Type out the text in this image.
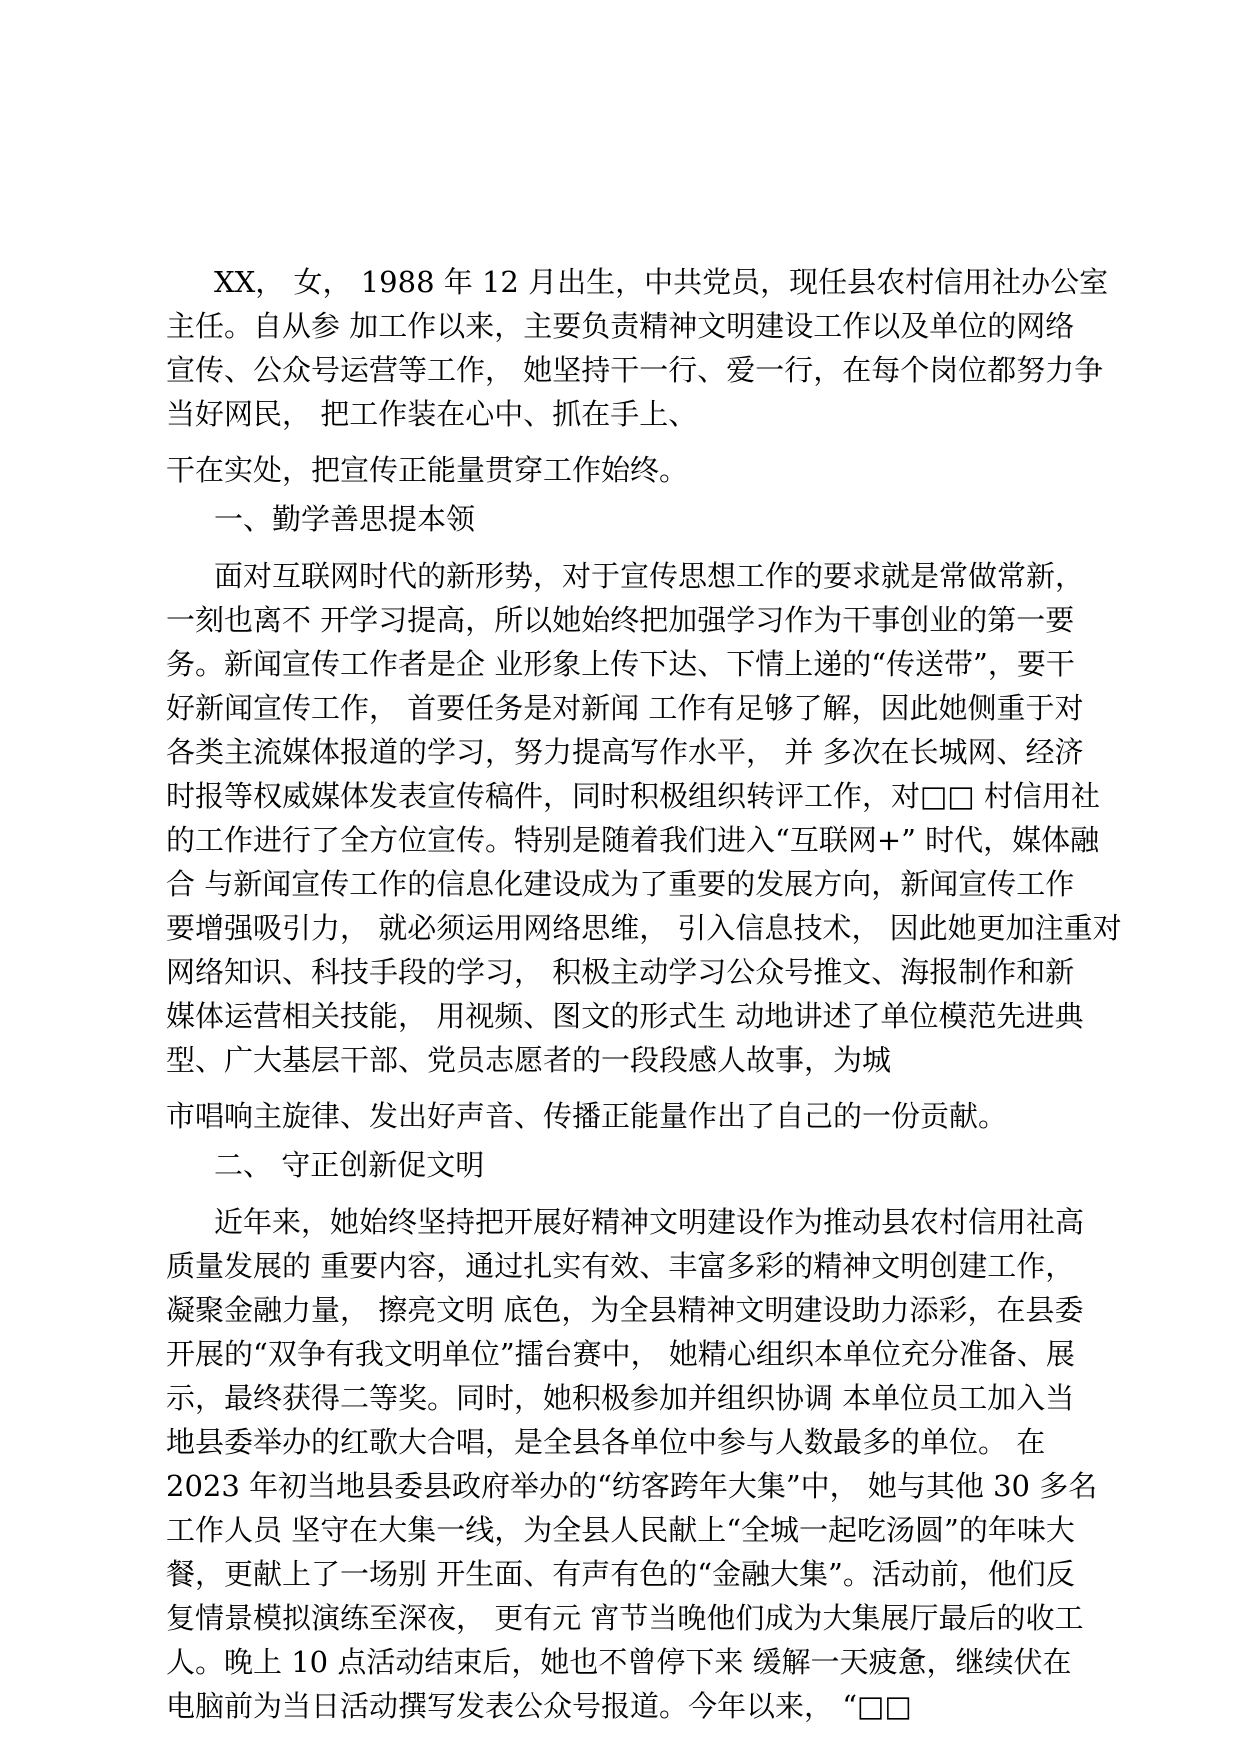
XX， 女， 1988 年 12 月出生，中共党员，现任县农村信用社办公室
主任。自从参 加工作以来，主要负责精神文明建设工作以及单位的网络
宣传、公众号运营等工作， 她坚持干一行、爱一行，在每个岗位都努力争
当好网民， 把工作装在心中、抓在手上、
干在实处，把宣传正能量贯穿工作始终。
一、勤学善思提本领
面对互联网时代的新形势，对于宣传思想工作的要求就是常做常新，
一刻也离不 开学习提高，所以她始终把加强学习作为干事创业的第一要
务。新闻宣传工作者是企 业形象上传下达、下情上递的“传送带”，要干
好新闻宣传工作， 首要任务是对新闻 工作有足够了解，因此她侧重于对
各类主流媒体报道的学习，努力提高写作水平， 并 多次在长城网、经济
时报等权威媒体发表宣传稿件，同时积极组织转评工作，对□□ 村信用社
的工作进行了全方位宣传。特别是随着我们进入“互联网+” 时代，媒体融
合 与新闻宣传工作的信息化建设成为了重要的发展方向，新闻宣传工作
要增强吸引力， 就必须运用网络思维， 引入信息技术， 因此她更加注重对
网络知识、科技手段的学习， 积极主动学习公众号推文、海报制作和新
媒体运营相关技能， 用视频、图文的形式生 动地讲述了单位模范先进典
型、广大基层干部、党员志愿者的一段段感人故事，为城
市唱响主旋律、发出好声音、传播正能量作出了自己的一份贡献。
二、 守正创新促文明
近年来，她始终坚持把开展好精神文明建设作为推动县农村信用社高
质量发展的 重要内容，通过扎实有效、丰富多彩的精神文明创建工作，
凝聚金融力量， 擦亮文明 底色，为全县精神文明建设助力添彩，在县委
开展的“双争有我文明单位”擂台赛中， 她精心组织本单位充分准备、展
示，最终获得二等奖。同时，她积极参加并组织协调 本单位员工加入当
地县委举办的红歌大合唱，是全县各单位中参与人数最多的单位。 在
2023 年初当地县委县政府举办的“纺客跨年大集”中， 她与其他 30 多名
工作人员 坚守在大集一线，为全县人民献上“全城一起吃汤圆”的年味大
餐，更献上了一场别 开生面、有声有色的“金融大集”。活动前，他们反
复情景模拟演练至深夜， 更有元 宵节当晚他们成为大集展厅最后的收工
人。晚上 10 点活动结束后，她也不曾停下来 缓解一天疲惫，继续伏在
电脑前为当日活动撰写发表公众号报道。今年以来， “□□
